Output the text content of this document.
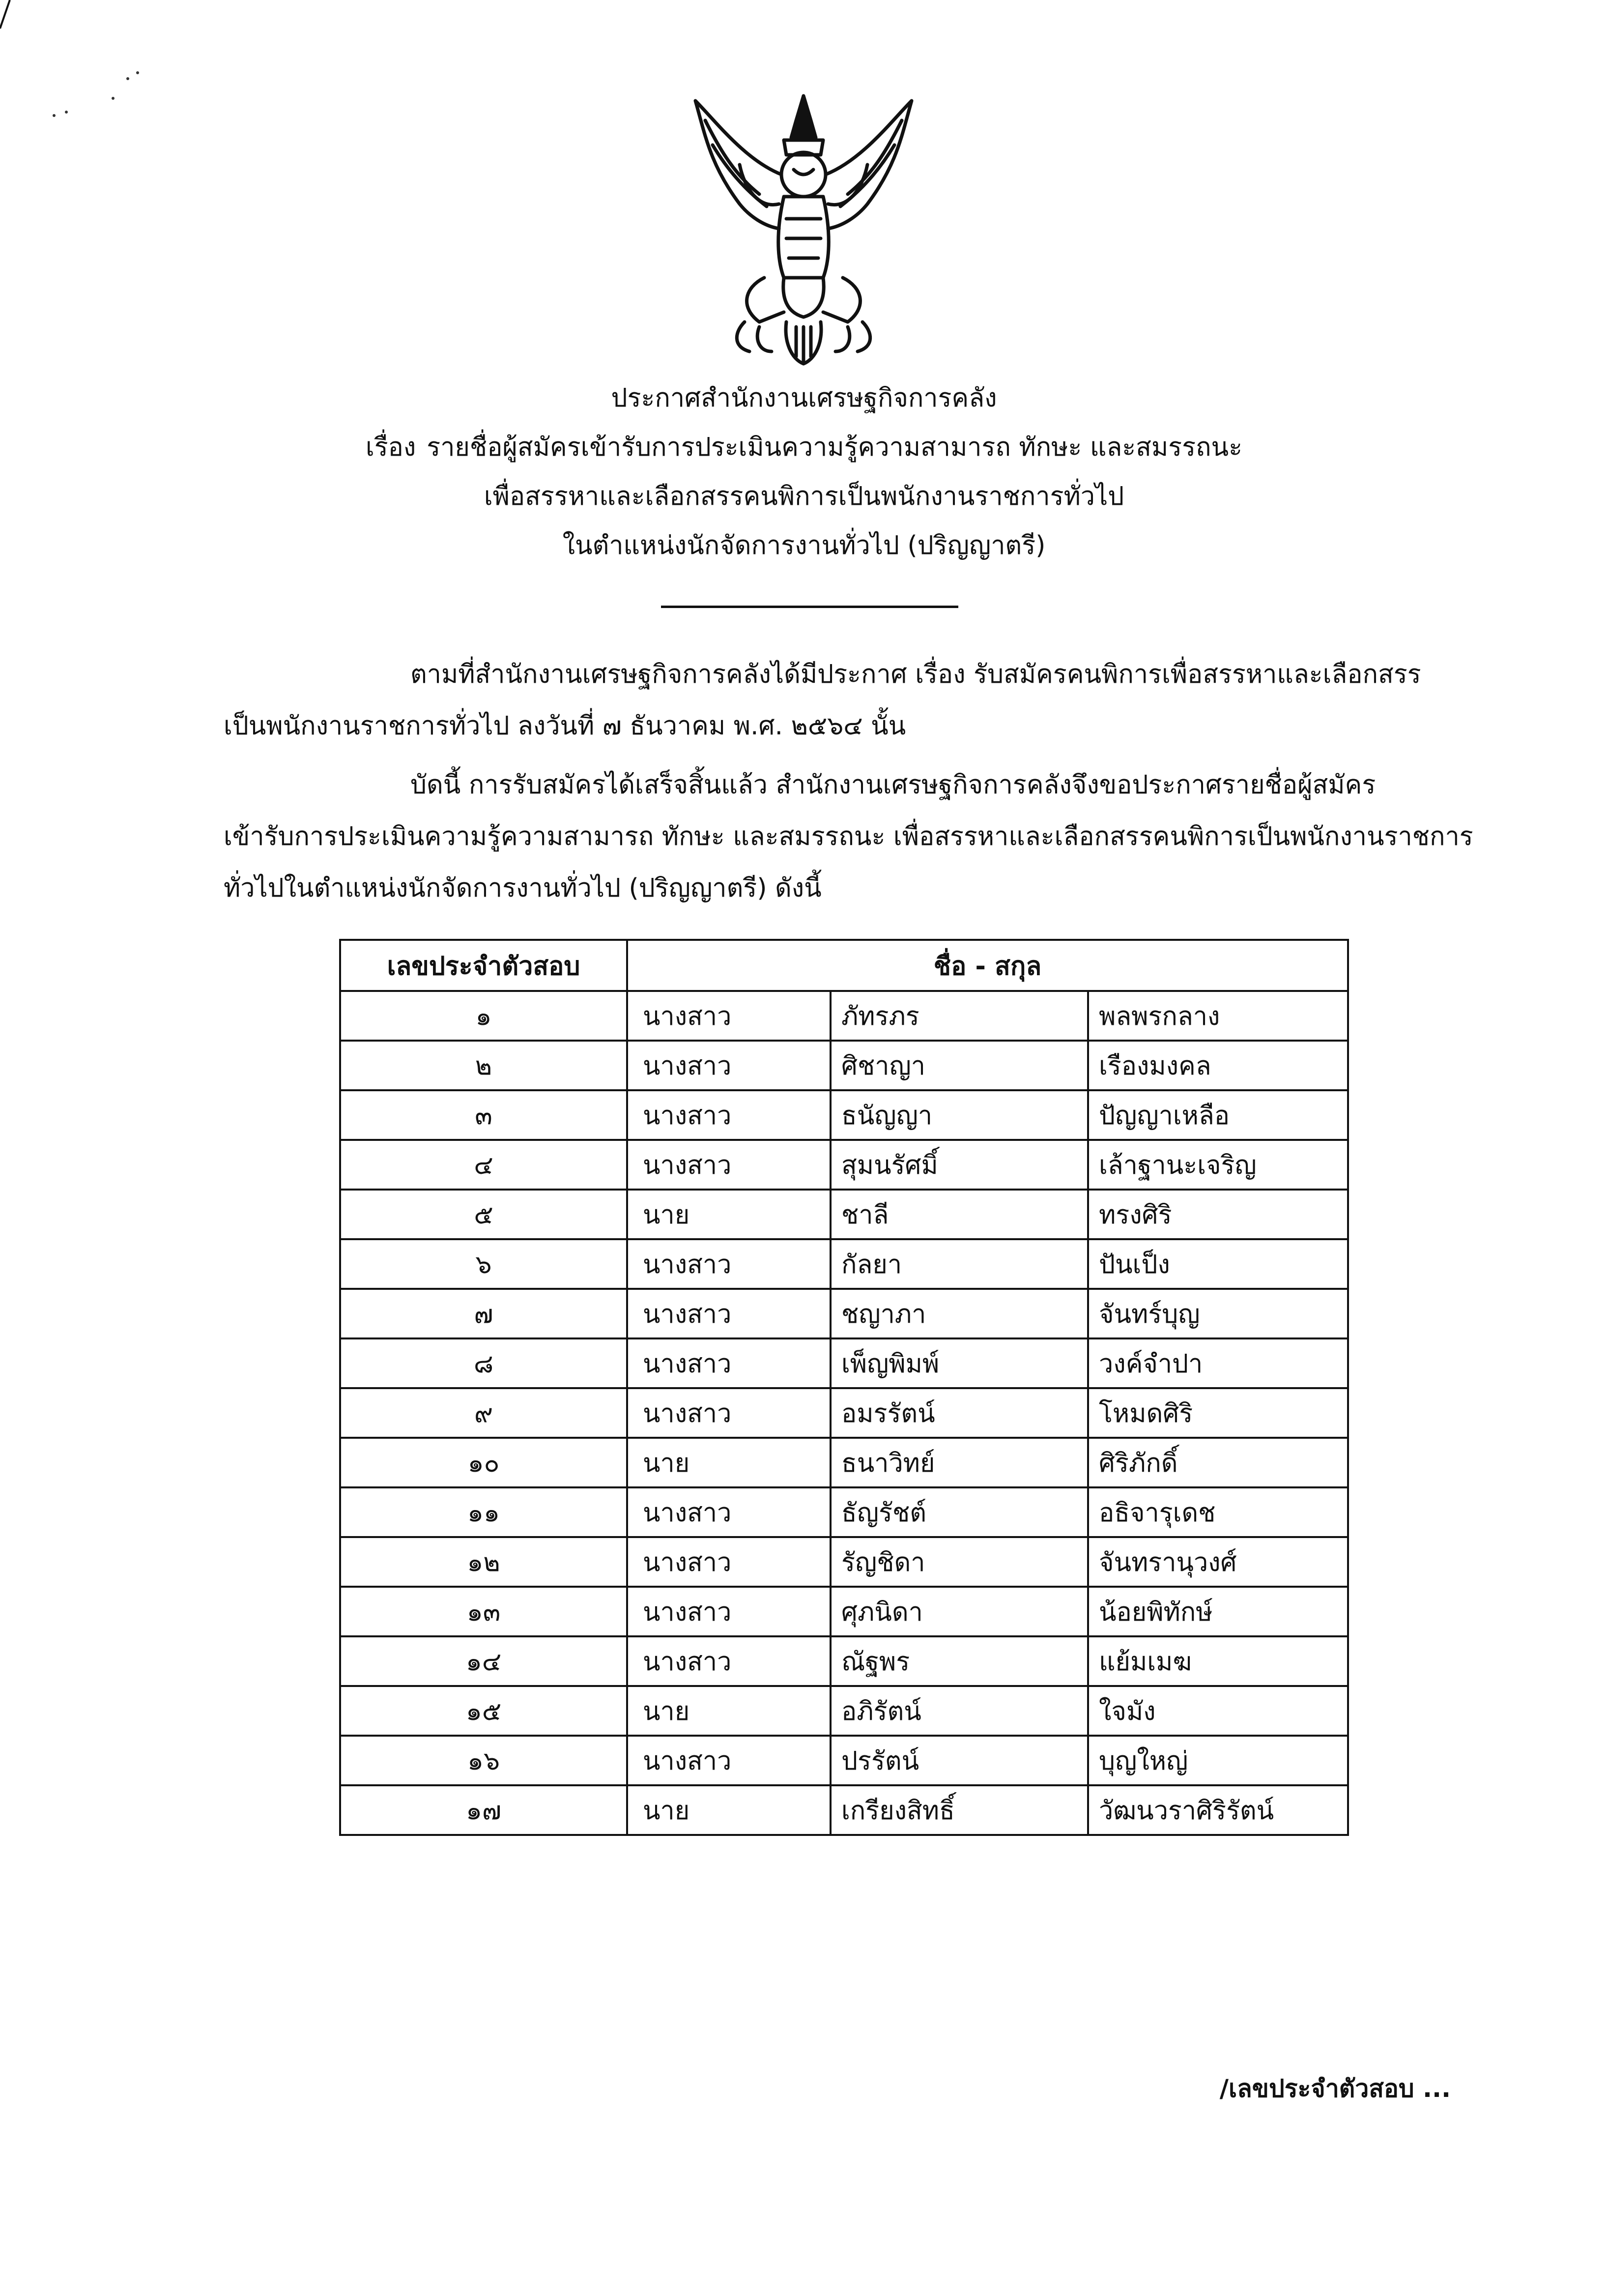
ประกาศสำนักงานเศรษฐกิจการคลัง
เรื่อง รายชื่อผู้สมัครเข้ารับการประเมินความรู้ความสามารถ ทักษะ และสมรรถนะ
เพื่อสรรหาและเลือกสรรคนพิการเป็นพนักงานราชการทั่วไป
ในตำแหน่งนักจัดการงานทั่วไป (ปริญญาตรี)
ตามที่สำนักงานเศรษฐกิจการคลังได้มีประกาศ เรื่อง รับสมัครคนพิการเพื่อสรรหาและเลือกสรร
เป็นพนักงานราชการทั่วไป ลงวันที่ ๗ ธันวาคม พ.ศ. ๒๕๖๔ นั้น
บัดนี้ การรับสมัครได้เสร็จสิ้นแล้ว สำนักงานเศรษฐกิจการคลังจึงขอประกาศรายชื่อผู้สมัคร
เข้ารับการประเมินความรู้ความสามารถ ทักษะ และสมรรถนะ เพื่อสรรหาและเลือกสรรคนพิการเป็นพนักงานราชการ
ทั่วไปในตำแหน่งนักจัดการงานทั่วไป (ปริญญาตรี) ดังนี้
เลขประจำตัวสอบ	ชื่อ - สกุล		
๑	นางสาว	ภัทรภร	พลพรกลาง
๒	นางสาว	ศิชาญา	เรืองมงคล
๓	นางสาว	ธนัญญา	ปัญญาเหลือ
๔	นางสาว	สุมนรัศมิ์	เล้าฐานะเจริญ
๕	นาย	ชาลี	ทรงศิริ
๖	นางสาว	กัลยา	ปันเป็ง
๗	นางสาว	ชญาภา	จันทร์บุญ
๘	นางสาว	เพ็ญพิมพ์	วงค์จำปา
๙	นางสาว	อมรรัตน์	โหมดศิริ
๑๐	นาย	ธนาวิทย์	ศิริภักดิ์
๑๑	นางสาว	ธัญรัชต์	อธิจารุเดช
๑๒	นางสาว	รัญชิดา	จันทรานุวงศ์
๑๓	นางสาว	ศุภนิดา	น้อยพิทักษ์
๑๔	นางสาว	ณัฐพร	แย้มเมฆ
๑๕	นาย	อภิรัตน์	ใจมัง
๑๖	นางสาว	ปรรัตน์	บุญใหญ่
๑๗	นาย	เกรียงสิทธิ์	วัฒนวราศิริรัตน์
/เลขประจำตัวสอบ ...
